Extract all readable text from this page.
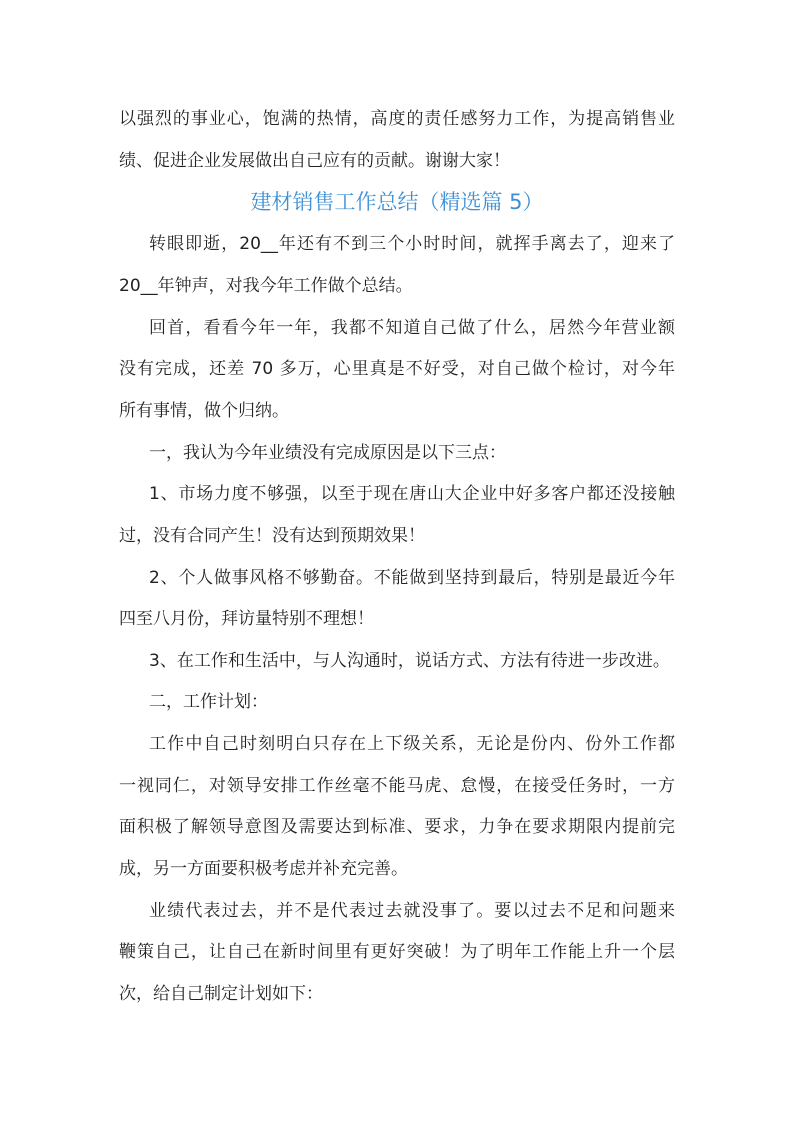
以强烈的事业心，饱满的热情，高度的责任感努力工作，为提高销售业
绩、促进企业发展做出自己应有的贡献。谢谢大家！
建材销售工作总结（精选篇 5）
转眼即逝，20__年还有不到三个小时时间，就挥手离去了，迎来了
20__年钟声，对我今年工作做个总结。
回首，看看今年一年，我都不知道自己做了什么，居然今年营业额
没有完成，还差 70 多万，心里真是不好受，对自己做个检讨，对今年
所有事情，做个归纳。
一，我认为今年业绩没有完成原因是以下三点：
1、市场力度不够强，以至于现在唐山大企业中好多客户都还没接触
过，没有合同产生！没有达到预期效果！
2、个人做事风格不够勤奋。不能做到坚持到最后，特别是最近今年
四至八月份，拜访量特别不理想！
3、在工作和生活中，与人沟通时，说话方式、方法有待进一步改进。
二，工作计划：
工作中自己时刻明白只存在上下级关系，无论是份内、份外工作都
一视同仁，对领导安排工作丝毫不能马虎、怠慢，在接受任务时，一方
面积极了解领导意图及需要达到标准、要求，力争在要求期限内提前完
成，另一方面要积极考虑并补充完善。
业绩代表过去，并不是代表过去就没事了。要以过去不足和问题来
鞭策自己，让自己在新时间里有更好突破！为了明年工作能上升一个层
次，给自己制定计划如下：
